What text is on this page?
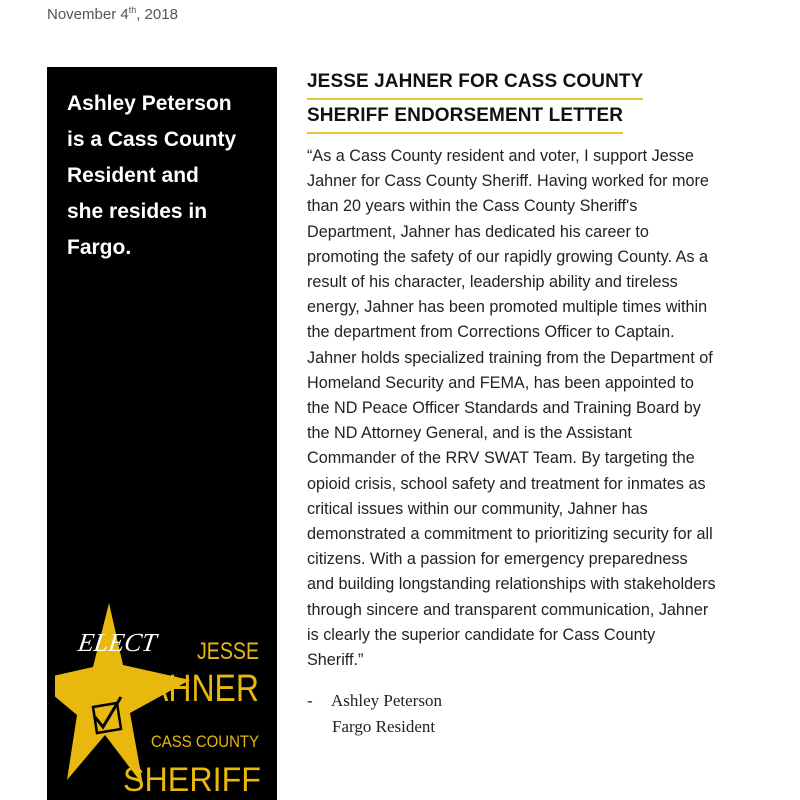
November 4th, 2018
Ashley Peterson
is a Cass County
Resident and
she resides in
Fargo.
ELECT JESSE
AHNER
CASS COUNTY
SHERIFF
JESSE JAHNER FOR CASS COUNTY
SHERIFF ENDORSEMENT LETTER
“As a Cass County resident and voter, I support Jesse
Jahner for Cass County Sheriff. Having worked for more
than 20 years within the Cass County Sheriff's
Department, Jahner has dedicated his career to
promoting the safety of our rapidly growing County. As a
result of his character, leadership ability and tireless
energy, Jahner has been promoted multiple times within
the department from Corrections Officer to Captain.
Jahner holds specialized training from the Department of
Homeland Security and FEMA, has been appointed to
the ND Peace Officer Standards and Training Board by
the ND Attorney General, and is the Assistant
Commander of the RRV SWAT Team. By targeting the
opioid crisis, school safety and treatment for inmates as
critical issues within our community, Jahner has
demonstrated a commitment to prioritizing security for all
citizens. With a passion for emergency preparedness
and building longstanding relationships with stakeholders
through sincere and transparent communication, Jahner
is clearly the superior candidate for Cass County
Sheriff.”
- Ashley Peterson
Fargo Resident
